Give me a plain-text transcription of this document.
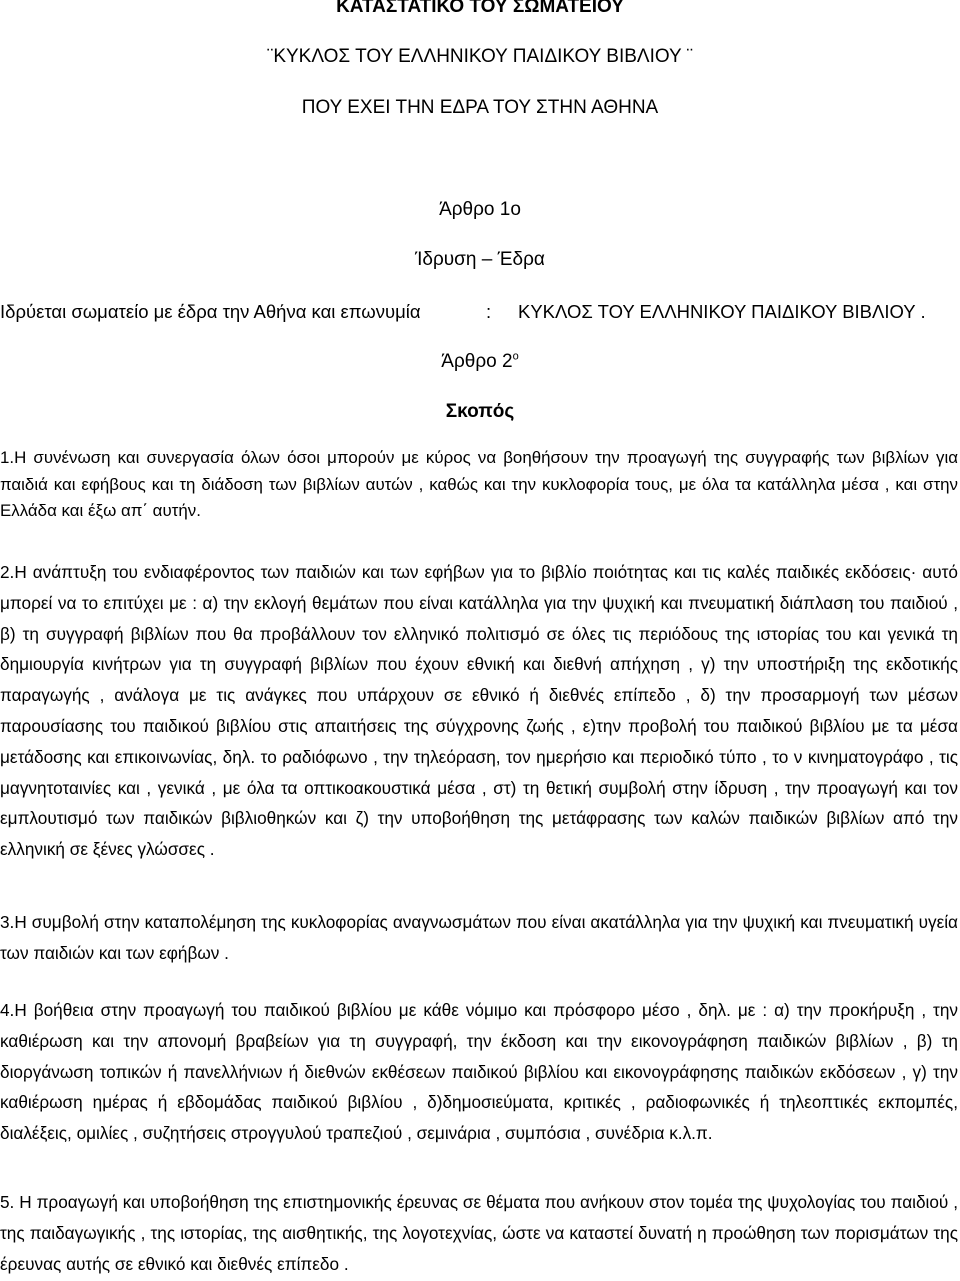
ΚΑΤΑΣΤΑΤΙΚΟ ΤΟΥ ΣΩΜΑΤΕΙΟΥ
¨ΚΥΚΛΟΣ ΤΟΥ ΕΛΛΗΝΙΚΟΥ ΠΑΙΔΙΚΟΥ ΒΙΒΛΙΟΥ ¨
ΠΟΥ ΕΧΕΙ ΤΗΝ ΕΔΡΑ ΤΟΥ ΣΤΗΝ ΑΘΗΝΑ
Άρθρο 1ο
Ίδρυση – Έδρα
Ιδρύεται σωματείο με έδρα την Αθήνα και επωνυμία	: ΚΥΚΛΟΣ ΤΟΥ ΕΛΛΗΝΙΚΟΥ ΠΑΙΔΙΚΟΥ ΒΙΒΛΙΟΥ .
Άρθρο $2^o$
Σκοπός

1.Η συνένωση και συνεργασία όλων όσοι μπορούν με κύρος να βοηθήσουν την προαγωγή της συγγραφής των βιβλίων για παιδιά και εφήβους και τη διάδοση των βιβλίων αυτών , καθώς και την κυκλοφορία τους, με όλα τα κατάλληλα μέσα , και στην Ελλάδα και έξω απ΄ αυτήν.

2.Η ανάπτυξη του ενδιαφέροντος των παιδιών και των εφήβων για το βιβλίο ποιότητας και τις καλές παιδικές εκδόσεις· αυτό μπορεί να το επιτύχει με : α) την εκλογή θεμάτων που είναι κατάλληλα για την ψυχική και πνευματική διάπλαση του παιδιού , β) τη συγγραφή βιβλίων που θα προβάλλουν τον ελληνικό πολιτισμό σε όλες τις περιόδους της ιστορίας του και γενικά τη δημιουργία κινήτρων για τη συγγραφή βιβλίων που έχουν εθνική και διεθνή απήχηση , γ) την υποστήριξη της εκδοτικής παραγωγής , ανάλογα με τις ανάγκες που υπάρχουν σε εθνικό ή διεθνές επίπεδο , δ) την προσαρμογή των μέσων παρουσίασης του παιδικού βιβλίου στις απαιτήσεις της σύγχρονης ζωής , ε)την προβολή του παιδικού βιβλίου με τα μέσα μετάδοσης και επικοινωνίας, δηλ. το ραδιόφωνο , την τηλεόραση, τον ημερήσιο και περιοδικό τύπο , το ν κινηματογράφο , τις μαγνητοταινίες και , γενικά , με όλα τα οπτικοακουστικά μέσα , στ) τη θετική συμβολή στην ίδρυση , την προαγωγή και τον εμπλουτισμό των παιδικών βιβλιοθηκών και ζ) την υποβοήθηση της μετάφρασης των καλών παιδικών βιβλίων από την ελληνική σε ξένες γλώσσες .

3.Η συμβολή στην καταπολέμηση της κυκλοφορίας αναγνωσμάτων που είναι ακατάλληλα για την ψυχική και πνευματική υγεία των παιδιών και των εφήβων .

4.Η βοήθεια στην προαγωγή του παιδικού βιβλίου με κάθε νόμιμο και πρόσφορο μέσο , δηλ. με : α) την προκήρυξη , την καθιέρωση και την απονομή βραβείων για τη συγγραφή, την έκδοση και την εικονογράφηση παιδικών βιβλίων , β) τη διοργάνωση τοπικών ή πανελλήνιων ή διεθνών εκθέσεων παιδικού βιβλίου και εικονογράφησης παιδικών εκδόσεων , γ) την καθιέρωση ημέρας ή εβδομάδας παιδικού βιβλίου , δ)δημοσιεύματα, κριτικές , ραδιοφωνικές ή τηλεοπτικές εκπομπές, διαλέξεις, ομιλίες , συζητήσεις στρογγυλού τραπεζιού , σεμινάρια , συμπόσια , συνέδρια κ.λ.π.

5. Η προαγωγή και υποβοήθηση της επιστημονικής έρευνας σε θέματα που ανήκουν στον τομέα της ψυχολογίας του παιδιού , της παιδαγωγικής , της ιστορίας, της αισθητικής, της λογοτεχνίας, ώστε να καταστεί δυνατή η πρoώθηση των πορισμάτων της έρευνας αυτής σε εθνικό και διεθνές επίπεδο .
